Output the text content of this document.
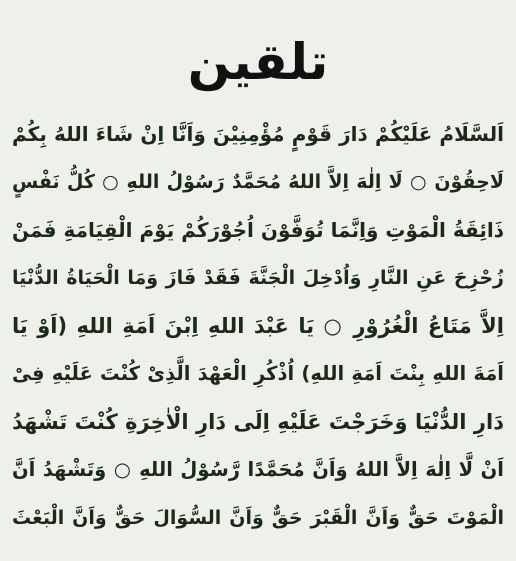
تلقين
اَلسَّلَامُ عَلَيْكُمْ دَارَ قَوْمٍ مُؤْمِنِيْنَ وَاَنَّا اِنْ شَاءَ اللهُ بِكُمْ
لَاحِقُوْنَ ○ لَا اِلٰهَ اِلاَّ اللهُ مُحَمَّدٌ رَسُوْلُ اللهِ ○ كُلُّ نَفْسٍ
ذَائِقَةُ الْمَوْتِ وَاِنَّمَا تُوَفَّوْنَ اُجُوْرَكُمْ يَوْمَ الْقِيَامَةِ فَمَنْ
زُحْزِحَ عَنِ النَّارِ وَاُدْخِلَ الْجَنَّةَ فَقَدْ فَازَ وَمَا الْحَيَاةُ الدُّنْيَا
اِلاَّ مَتَاعُ الْغُرُوْرِ ○ يَا عَبْدَ اللهِ اِبْنَ اَمَةِ اللهِ (اَوْ يَا
اَمَةَ اللهِ بِنْتَ اَمَةِ اللهِ) اُذْكُرِ الْعَهْدَ الَّذِىْ كُنْتَ عَلَيْهِ فِىْ
دَارِ الدُّنْيَا وَخَرَجْتَ عَلَيْهِ اِلَى دَارِ الْاٰخِرَةِ كُنْتَ تَشْهَدُ
اَنْ لَّا اِلٰهَ اِلاَّ اللهُ وَاَنَّ مُحَمَّدًا رَّسُوْلُ اللهِ ○ وَتَشْهَدُ اَنَّ
الْمَوْتَ حَقٌّ وَاَنَّ الْقَبْرَ حَقٌّ وَاَنَّ السُّوَالَ حَقٌّ وَاَنَّ الْبَعْثَ
